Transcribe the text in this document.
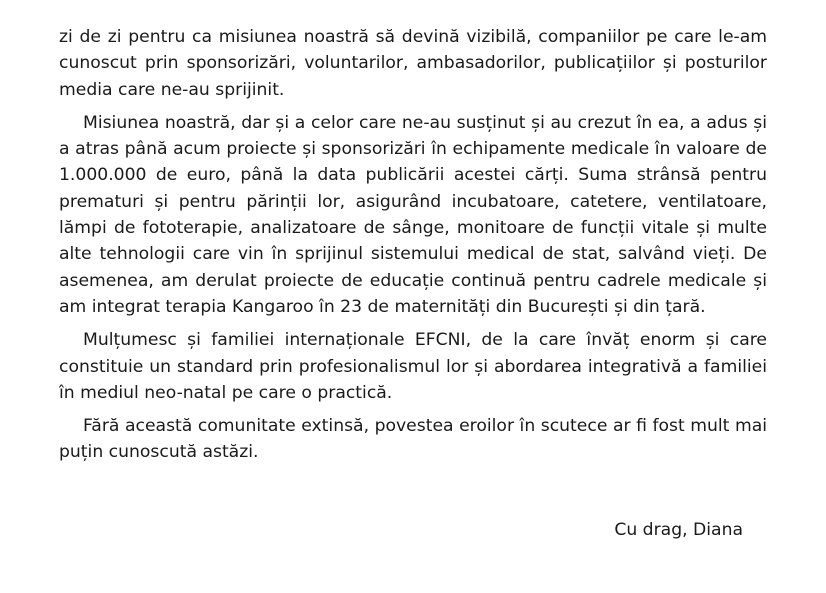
zi de zi pentru ca misiunea noastră să devină vizibilă, companiilor pe care le-am cunoscut prin sponsorizări, voluntarilor, ambasadorilor, publicațiilor și posturilor media care ne-au sprijinit.

Misiunea noastră, dar și a celor care ne-au susținut și au crezut în ea, a adus și a atras până acum proiecte și sponsorizări în echipamente medicale în valoare de 1.000.000 de euro, până la data publicării acestei cărți. Suma strânsă pentru prematuri și pentru părinții lor, asigurând incubatoare, catetere, ventilatoare, lămpi de fototerapie, analizatoare de sânge, monitoare de funcții vitale și multe alte tehnologii care vin în sprijinul sistemului medical de stat, salvând vieți. De asemenea, am derulat proiecte de educație continuă pentru cadrele medicale și am integrat terapia Kangaroo în 23 de maternități din București și din țară.

Mulțumesc și familiei internaționale EFCNI, de la care învăț enorm și care constituie un standard prin profesionalismul lor și abordarea integrativă a familiei în mediul neo-natal pe care o practică.

Fără această comunitate extinsă, povestea eroilor în scutece ar fi fost mult mai puțin cunoscută astăzi.

Cu drag, Diana
